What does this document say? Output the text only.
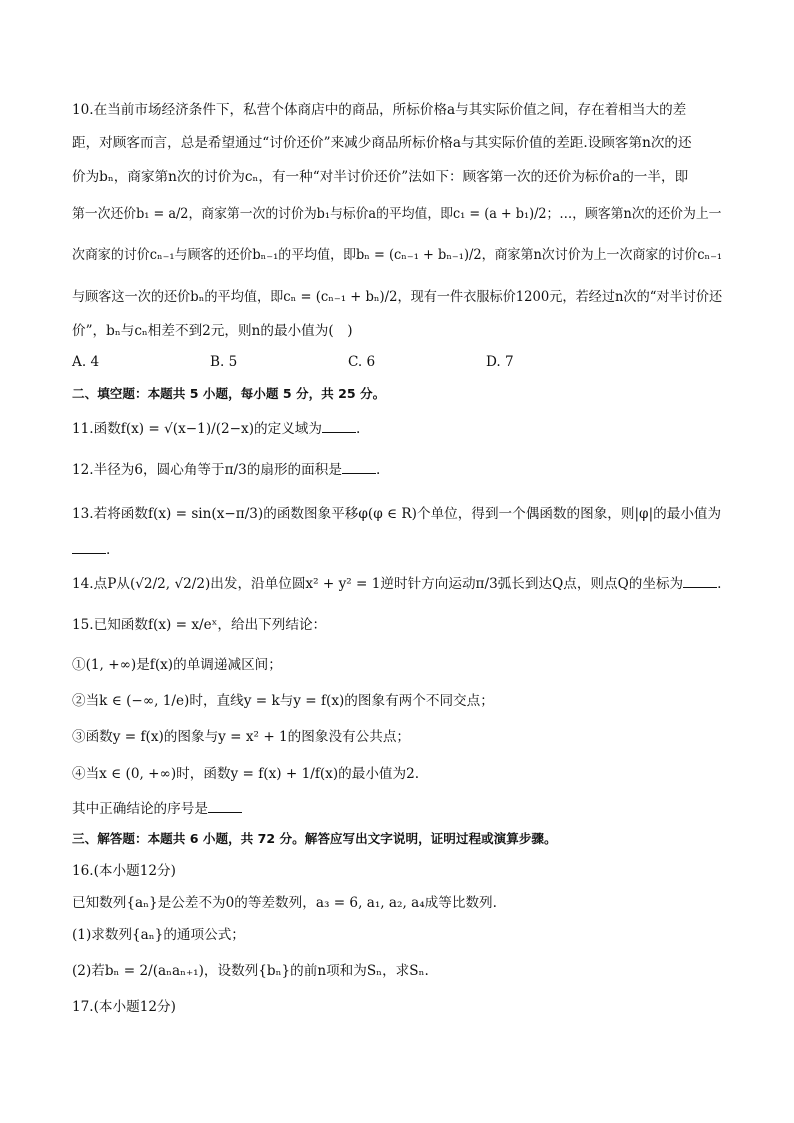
10.在当前市场经济条件下，私营个体商店中的商品，所标价格a与其实际价值之间，存在着相当大的差
距，对顾客而言，总是希望通过“讨价还价”来减少商品所标价格a与其实际价值的差距.设顾客第n次的还
价为bₙ，商家第n次的讨价为cₙ，有一种“对半讨价还价”法如下：顾客第一次的还价为标价a的一半，即
第一次还价b₁ = a/2，商家第一次的讨价为b₁与标价a的平均值，即c₁ = (a + b₁)/2；…，顾客第n次的还价为上一
次商家的讨价cₙ₋₁与顾客的还价bₙ₋₁的平均值，即bₙ = (cₙ₋₁ + bₙ₋₁)/2，商家第n次讨价为上一次商家的讨价cₙ₋₁
与顾客这一次的还价bₙ的平均值，即cₙ = (cₙ₋₁ + bₙ)/2，现有一件衣服标价1200元，若经过n次的“对半讨价还
价”，bₙ与cₙ相差不到2元，则n的最小值为(　)
A. 4	B. 5	C. 6	D. 7
二、填空题：本题共 5 小题，每小题 5 分，共 25 分。
11.函数f(x) = √(x−1)/(2−x)的定义域为	.
12.半径为6，圆心角等于π/3的扇形的面积是	.
13.若将函数f(x) = sin(x−π/3)的函数图象平移φ(φ ∈ R)个单位，得到一个偶函数的图象，则|φ|的最小值为
.
14.点P从(√2/2, √2/2)出发，沿单位圆x² + y² = 1逆时针方向运动π/3弧长到达Q点，则点Q的坐标为	.
15.已知函数f(x) = x/eˣ，给出下列结论：
①(1, +∞)是f(x)的单调递减区间；
②当k ∈ (−∞, 1/e)时，直线y = k与y = f(x)的图象有两个不同交点；
③函数y = f(x)的图象与y = x² + 1的图象没有公共点；
④当x ∈ (0, +∞)时，函数y = f(x) + 1/f(x)的最小值为2.
其中正确结论的序号是
三、解答题：本题共 6 小题，共 72 分。解答应写出文字说明，证明过程或演算步骤。
16.(本小题12分)
已知数列{aₙ}是公差不为0的等差数列，a₃ = 6, a₁, a₂, a₄成等比数列.
(1)求数列{aₙ}的通项公式；
(2)若bₙ = 2/(aₙaₙ₊₁)，设数列{bₙ}的前n项和为Sₙ，求Sₙ.
17.(本小题12分)
